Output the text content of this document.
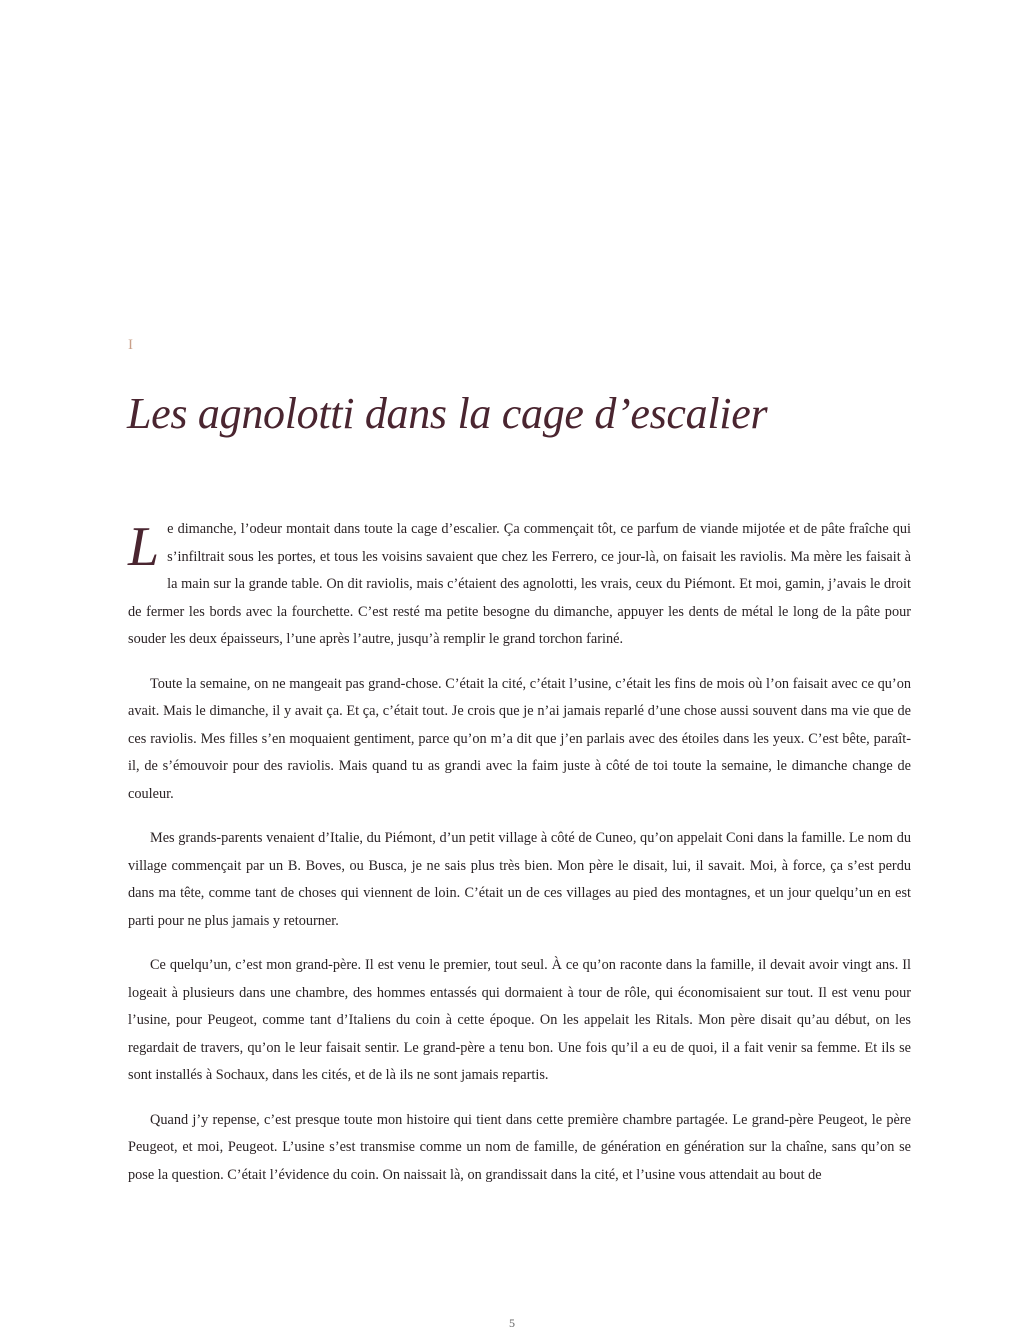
I
Les agnolotti dans la cage d’escalier

L e dimanche, l’odeur montait dans toute la cage d’escalier. Ça commençait tôt, ce parfum de viande mijotée et de pâte fraîche qui s’infiltrait sous les portes, et tous les voisins savaient que chez les Ferrero, ce jour-là, on faisait les raviolis. Ma mère les faisait à la main sur la grande table. On dit raviolis, mais c’étaient des agnolotti, les vrais, ceux du Piémont. Et moi, gamin, j’avais le droit de fermer les bords avec la fourchette. C’est resté ma petite besogne du dimanche, appuyer les dents de métal le long de la pâte pour souder les deux épaisseurs, l’une après l’autre, jusqu’à remplir le grand torchon fariné.

Toute la semaine, on ne mangeait pas grand-chose. C’était la cité, c’était l’usine, c’était les fins de mois où l’on faisait avec ce qu’on avait. Mais le dimanche, il y avait ça. Et ça, c’était tout. Je crois que je n’ai jamais reparlé d’une chose aussi souvent dans ma vie que de ces raviolis. Mes filles s’en moquaient gentiment, parce qu’on m’a dit que j’en parlais avec des étoiles dans les yeux. C’est bête, paraît-il, de s’émouvoir pour des raviolis. Mais quand tu as grandi avec la faim juste à côté de toi toute la semaine, le dimanche change de couleur.

Mes grands-parents venaient d’Italie, du Piémont, d’un petit village à côté de Cuneo, qu’on appelait Coni dans la famille. Le nom du village commençait par un B. Boves, ou Busca, je ne sais plus très bien. Mon père le disait, lui, il savait. Moi, à force, ça s’est perdu dans ma tête, comme tant de choses qui viennent de loin. C’était un de ces villages au pied des montagnes, et un jour quelqu’un en est parti pour ne plus jamais y retourner.

Ce quelqu’un, c’est mon grand-père. Il est venu le premier, tout seul. À ce qu’on raconte dans la famille, il devait avoir vingt ans. Il logeait à plusieurs dans une chambre, des hommes entassés qui dormaient à tour de rôle, qui économisaient sur tout. Il est venu pour l’usine, pour Peugeot, comme tant d’Italiens du coin à cette époque. On les appelait les Ritals. Mon père disait qu’au début, on les regardait de travers, qu’on le leur faisait sentir. Le grand-père a tenu bon. Une fois qu’il a eu de quoi, il a fait venir sa femme. Et ils se sont installés à Sochaux, dans les cités, et de là ils ne sont jamais repartis.

Quand j’y repense, c’est presque toute mon histoire qui tient dans cette première chambre partagée. Le grand-père Peugeot, le père Peugeot, et moi, Peugeot. L’usine s’est transmise comme un nom de famille, de génération en génération sur la chaîne, sans qu’on se pose la question. C’était l’évidence du coin. On naissait là, on grandissait dans la cité, et l’usine vous attendait au bout de

5
